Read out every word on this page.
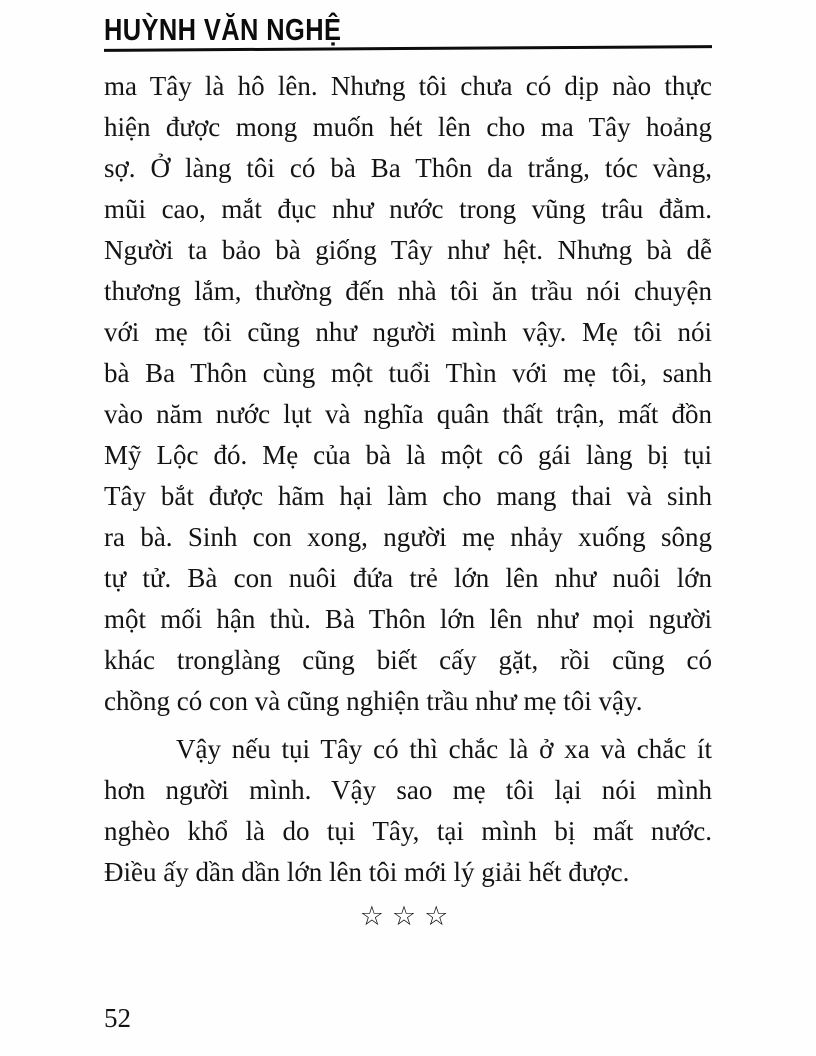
HUỲNH VĂN NGHỆ

ma Tây là hô lên. Nhưng tôi chưa có dịp nào thực
hiện được mong muốn hét lên cho ma Tây hoảng
sợ. Ở làng tôi có bà Ba Thôn da trắng, tóc vàng,
mũi cao, mắt đục như nước trong vũng trâu đằm.
Người ta bảo bà giống Tây như hệt. Nhưng bà dễ
thương lắm, thường đến nhà tôi ăn trầu nói chuyện
với mẹ tôi cũng như người mình vậy. Mẹ tôi nói
bà Ba Thôn cùng một tuổi Thìn với mẹ tôi, sanh
vào năm nước lụt và nghĩa quân thất trận, mất đồn
Mỹ Lộc đó. Mẹ của bà là một cô gái làng bị tụi
Tây bắt được hãm hại làm cho mang thai và sinh
ra bà. Sinh con xong, người mẹ nhảy xuống sông
tự tử. Bà con nuôi đứa trẻ lớn lên như nuôi lớn
một mối hận thù. Bà Thôn lớn lên như mọi người
khác tronglàng cũng biết cấy gặt, rồi cũng có
chồng có con và cũng nghiện trầu như mẹ tôi vậy.

Vậy nếu tụi Tây có thì chắc là ở xa và chắc ít
hơn người mình. Vậy sao mẹ tôi lại nói mình
nghèo khổ là do tụi Tây, tại mình bị mất nước.
Điều ấy dần dần lớn lên tôi mới lý giải hết được.

☆☆☆
52
